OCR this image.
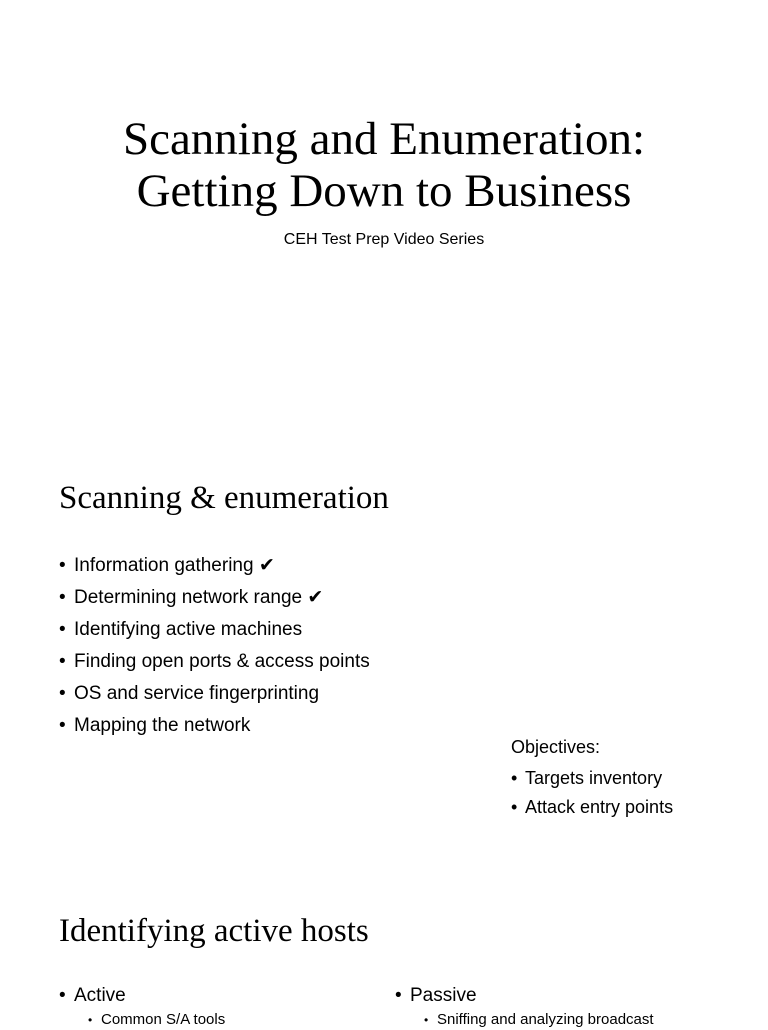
Scanning and Enumeration:
Getting Down to Business
CEH Test Prep Video Series
Scanning & enumeration
• Information gathering ✔
• Determining network range ✔
• Identifying active machines
• Finding open ports & access points
• OS and service fingerprinting
• Mapping the network
Objectives:
• Targets inventory
• Attack entry points
Identifying active hosts
• Active
• Common S/A tools
• Passive
• Sniffing and analyzing broadcast
